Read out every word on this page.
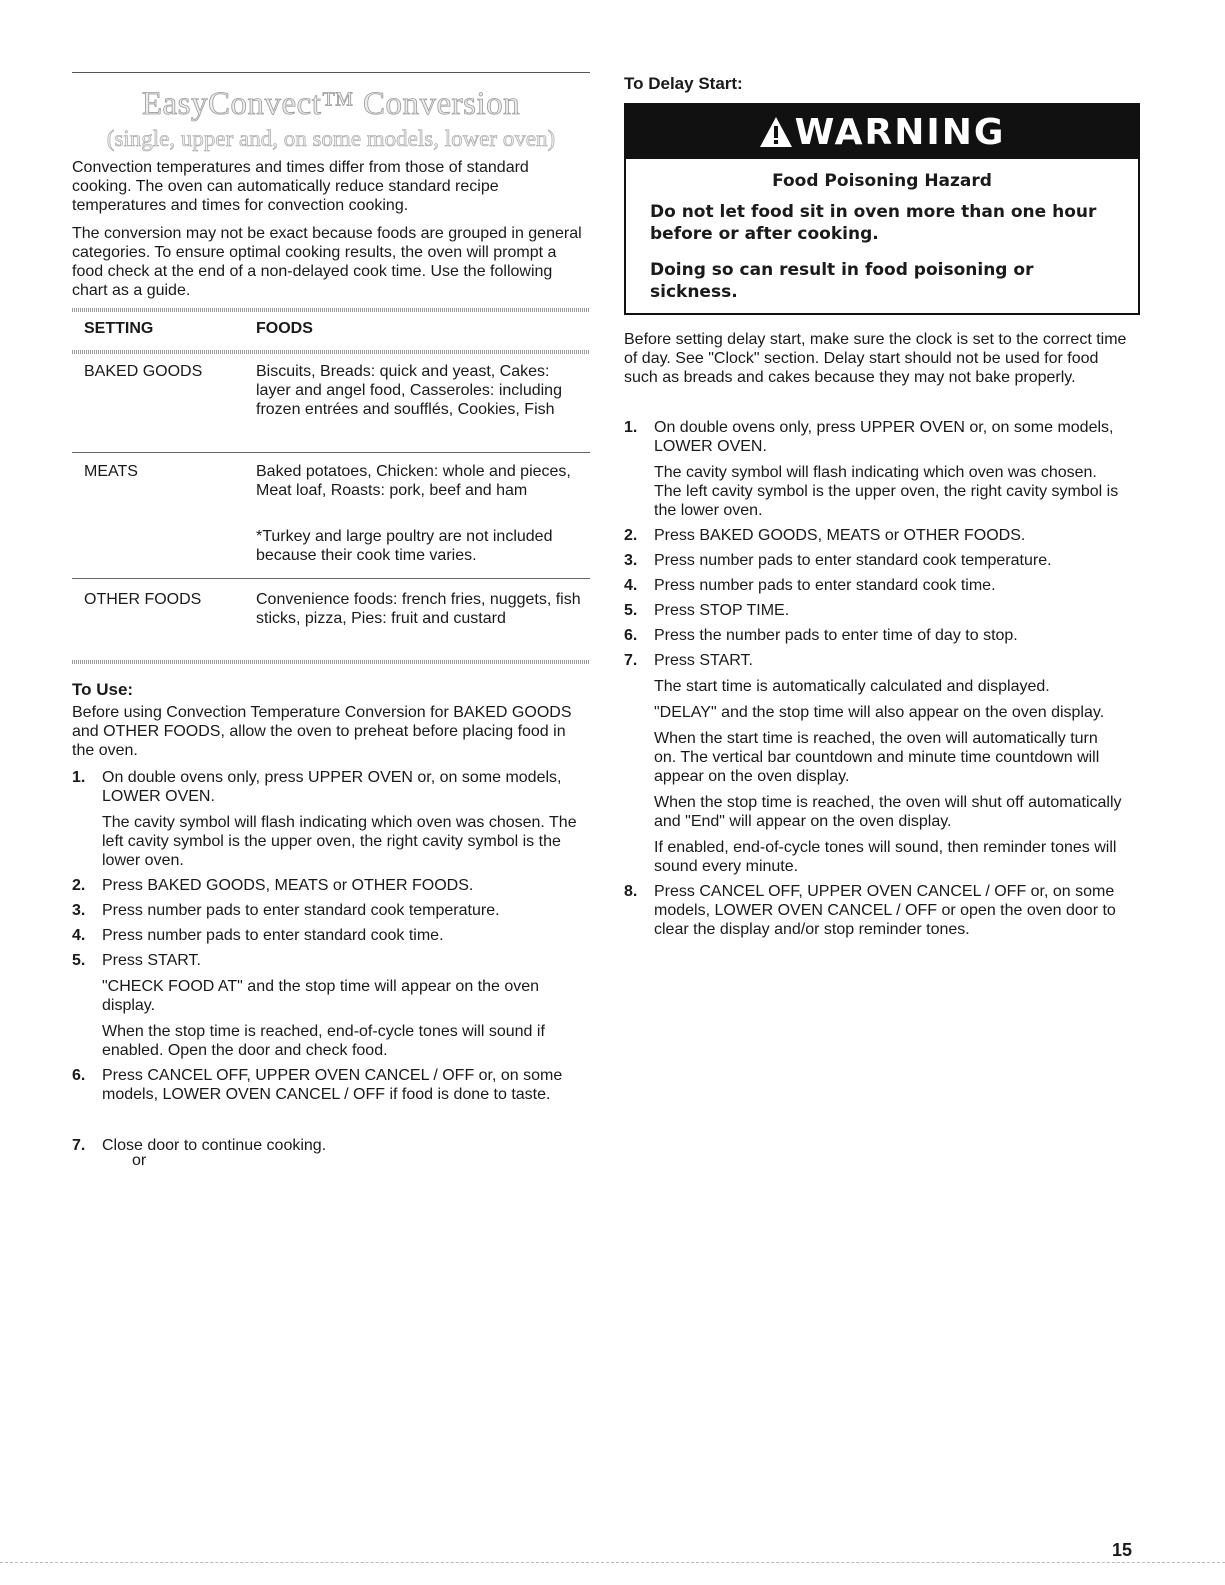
EasyConvect™ Conversion
(single, upper and, on some models, lower oven)

Convection temperatures and times differ from those of standard cooking. The oven can automatically reduce standard recipe temperatures and times for convection cooking.

The conversion may not be exact because foods are grouped in general categories. To ensure optimal cooking results, the oven will prompt a food check at the end of a non-delayed cook time. Use the following chart as a guide.

SETTING	FOODS
BAKED GOODS	Biscuits, Breads: quick and yeast, Cakes: layer and angel food, Casseroles: including frozen entrées and soufflés, Cookies, Fish
MEATS	Baked potatoes, Chicken: whole and pieces, Meat loaf, Roasts: pork, beef and ham
*Turkey and large poultry are not included because their cook time varies.
OTHER FOODS	Convenience foods: french fries, nuggets, fish sticks, pizza, Pies: fruit and custard
To Use:

Before using Convection Temperature Conversion for BAKED GOODS and OTHER FOODS, allow the oven to preheat before placing food in the oven.

1. On double ovens only, press UPPER OVEN or, on some models, LOWER OVEN.
The cavity symbol will flash indicating which oven was chosen. The left cavity symbol is the upper oven, the right cavity symbol is the lower oven.
2. Press BAKED GOODS, MEATS or OTHER FOODS.
3. Press number pads to enter standard cook temperature.
4. Press number pads to enter standard cook time.
5. Press START.
"CHECK FOOD AT" and the stop time will appear on the oven display.
When the stop time is reached, end-of-cycle tones will sound if enabled. Open the door and check food.
6. Press CANCEL OFF, UPPER OVEN CANCEL / OFF or, on some models, LOWER OVEN CANCEL / OFF if food is done to taste.
7. Close door to continue cooking.
or
To Delay Start:
WARNING
Food Poisoning Hazard
Do not let food sit in oven more than one hour before or after cooking.
Doing so can result in food poisoning or sickness.

Before setting delay start, make sure the clock is set to the correct time of day. See "Clock" section. Delay start should not be used for food such as breads and cakes because they may not bake properly.

1. On double ovens only, press UPPER OVEN or, on some models, LOWER OVEN.
The cavity symbol will flash indicating which oven was chosen. The left cavity symbol is the upper oven, the right cavity symbol is the lower oven.
2. Press BAKED GOODS, MEATS or OTHER FOODS.
3. Press number pads to enter standard cook temperature.
4. Press number pads to enter standard cook time.
5. Press STOP TIME.
6. Press the number pads to enter time of day to stop.
7. Press START.
The start time is automatically calculated and displayed.
"DELAY" and the stop time will also appear on the oven display.
When the start time is reached, the oven will automatically turn on. The vertical bar countdown and minute time countdown will appear on the oven display.
When the stop time is reached, the oven will shut off automatically and "End" will appear on the oven display.
If enabled, end-of-cycle tones will sound, then reminder tones will sound every minute.
8. Press CANCEL OFF, UPPER OVEN CANCEL / OFF or, on some models, LOWER OVEN CANCEL / OFF or open the oven door to clear the display and/or stop reminder tones.
15
